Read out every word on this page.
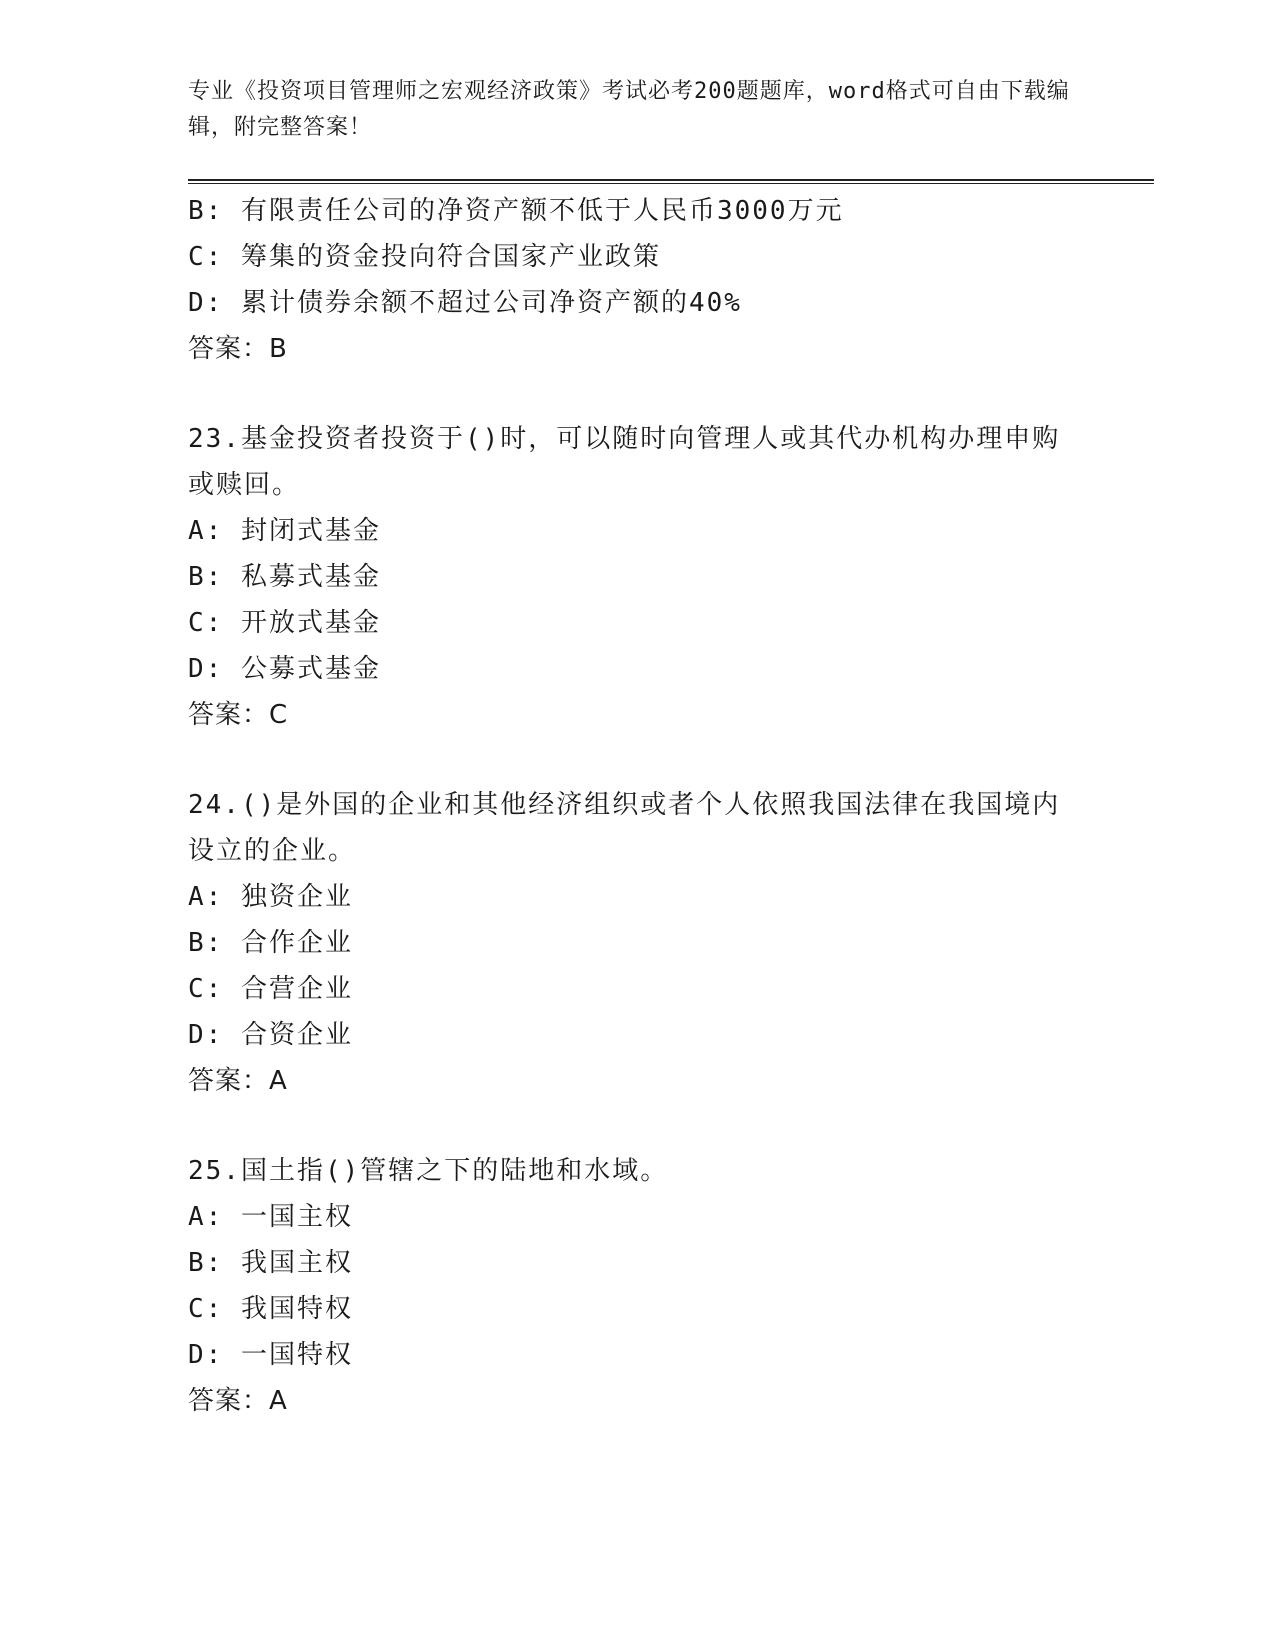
专业《投资项目管理师之宏观经济政策》考试必考200题题库，word格式可自由下载编辑，附完整答案！
B: 有限责任公司的净资产额不低于人民币3000万元
C: 筹集的资金投向符合国家产业政策
D: 累计债券余额不超过公司净资产额的40%
答案：B
23.基金投资者投资于()时，可以随时向管理人或其代办机构办理申购或赎回。
A: 封闭式基金
B: 私募式基金
C: 开放式基金
D: 公募式基金
答案：C
24.()是外国的企业和其他经济组织或者个人依照我国法律在我国境内设立的企业。
A: 独资企业
B: 合作企业
C: 合营企业
D: 合资企业
答案：A
25.国土指()管辖之下的陆地和水域。
A: 一国主权
B: 我国主权
C: 我国特权
D: 一国特权
答案：A
